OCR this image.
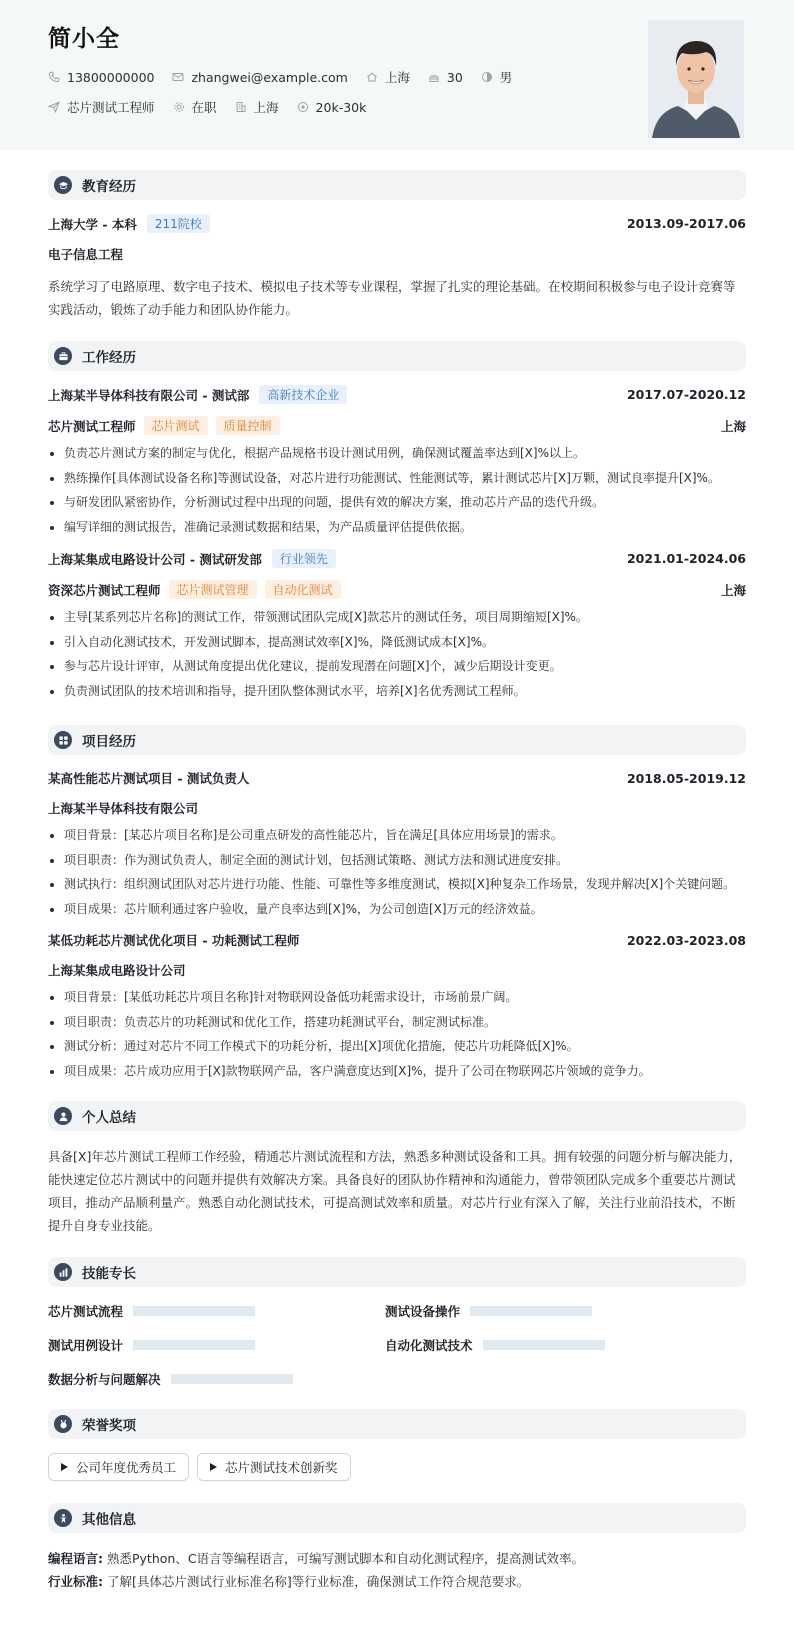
简小全
13800000000	zhangwei@example.com	上海	30	男
芯片测试工程师	在职	上海	20k-30k
教育经历
上海大学 - 本科	211院校	2013.09-2017.06
电子信息工程
系统学习了电路原理、数字电子技术、模拟电子技术等专业课程，掌握了扎实的理论基础。在校期间积极参与电子设计竞赛等实践活动，锻炼了动手能力和团队协作能力。
工作经历
上海某半导体科技有限公司 - 测试部	高新技术企业	2017.07-2020.12
芯片测试工程师	芯片测试	质量控制	上海
• 负责芯片测试方案的制定与优化，根据产品规格书设计测试用例，确保测试覆盖率达到[X]%以上。
• 熟练操作[具体测试设备名称]等测试设备，对芯片进行功能测试、性能测试等，累计测试芯片[X]万颗，测试良率提升[X]%。
• 与研发团队紧密协作，分析测试过程中出现的问题，提供有效的解决方案，推动芯片产品的迭代升级。
• 编写详细的测试报告，准确记录测试数据和结果，为产品质量评估提供依据。
上海某集成电路设计公司 - 测试研发部	行业领先	2021.01-2024.06
资深芯片测试工程师	芯片测试管理	自动化测试	上海
• 主导[某系列芯片名称]的测试工作，带领测试团队完成[X]款芯片的测试任务，项目周期缩短[X]%。
• 引入自动化测试技术，开发测试脚本，提高测试效率[X]%，降低测试成本[X]%。
• 参与芯片设计评审，从测试角度提出优化建议，提前发现潜在问题[X]个，减少后期设计变更。
• 负责测试团队的技术培训和指导，提升团队整体测试水平，培养[X]名优秀测试工程师。
项目经历
某高性能芯片测试项目 - 测试负责人	2018.05-2019.12
上海某半导体科技有限公司
• 项目背景：[某芯片项目名称]是公司重点研发的高性能芯片，旨在满足[具体应用场景]的需求。
• 项目职责：作为测试负责人，制定全面的测试计划，包括测试策略、测试方法和测试进度安排。
• 测试执行：组织测试团队对芯片进行功能、性能、可靠性等多维度测试，模拟[X]种复杂工作场景，发现并解决[X]个关键问题。
• 项目成果：芯片顺利通过客户验收，量产良率达到[X]%，为公司创造[X]万元的经济效益。
某低功耗芯片测试优化项目 - 功耗测试工程师	2022.03-2023.08
上海某集成电路设计公司
• 项目背景：[某低功耗芯片项目名称]针对物联网设备低功耗需求设计，市场前景广阔。
• 项目职责：负责芯片的功耗测试和优化工作，搭建功耗测试平台，制定测试标准。
• 测试分析：通过对芯片不同工作模式下的功耗分析，提出[X]项优化措施，使芯片功耗降低[X]%。
• 项目成果：芯片成功应用于[X]款物联网产品，客户满意度达到[X]%，提升了公司在物联网芯片领域的竞争力。
个人总结
具备[X]年芯片测试工程师工作经验，精通芯片测试流程和方法，熟悉多种测试设备和工具。拥有较强的问题分析与解决能力，能快速定位芯片测试中的问题并提供有效解决方案。具备良好的团队协作精神和沟通能力，曾带领团队完成多个重要芯片测试项目，推动产品顺利量产。熟悉自动化测试技术，可提高测试效率和质量。对芯片行业有深入了解，关注行业前沿技术，不断提升自身专业技能。
技能专长
芯片测试流程	测试设备操作
测试用例设计	自动化测试技术
数据分析与问题解决
荣誉奖项
公司年度优秀员工	芯片测试技术创新奖
其他信息
编程语言: 熟悉Python、C语言等编程语言，可编写测试脚本和自动化测试程序，提高测试效率。
行业标准: 了解[具体芯片测试行业标准名称]等行业标准，确保测试工作符合规范要求。
